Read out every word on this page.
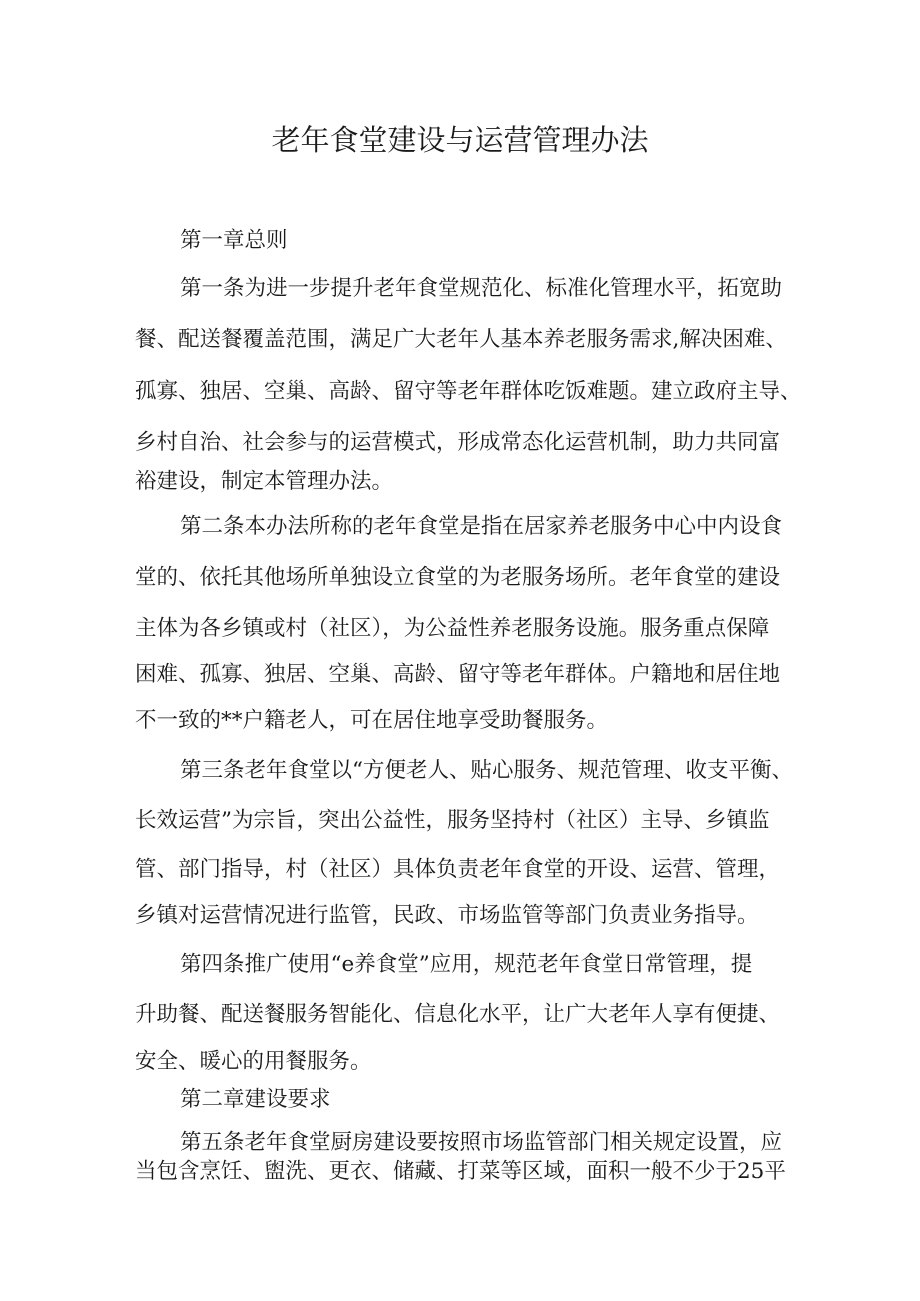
老年食堂建设与运营管理办法
第一章总则
第一条为进一步提升老年食堂规范化、标准化管理水平，拓宽助
餐、配送餐覆盖范围，满足广大老年人基本养老服务需求,解决困难、
孤寡、独居、空巢、高龄、留守等老年群体吃饭难题。建立政府主导、
乡村自治、社会参与的运营模式，形成常态化运营机制，助力共同富
裕建设，制定本管理办法。
第二条本办法所称的老年食堂是指在居家养老服务中心中内设食
堂的、依托其他场所单独设立食堂的为老服务场所。老年食堂的建设
主体为各乡镇或村（社区），为公益性养老服务设施。服务重点保障
困难、孤寡、独居、空巢、高龄、留守等老年群体。户籍地和居住地
不一致的**户籍老人，可在居住地享受助餐服务。
第三条老年食堂以“方便老人、贴心服务、规范管理、收支平衡、
长效运营”为宗旨，突出公益性，服务坚持村（社区）主导、乡镇监
管、部门指导，村（社区）具体负责老年食堂的开设、运营、管理，
乡镇对运营情况进行监管，民政、市场监管等部门负责业务指导。
第四条推广使用“e养食堂”应用，规范老年食堂日常管理，提
升助餐、配送餐服务智能化、信息化水平，让广大老年人享有便捷、
安全、暖心的用餐服务。
第二章建设要求
第五条老年食堂厨房建设要按照市场监管部门相关规定设置，应
当包含烹饪、盥洗、更衣、储藏、打菜等区域，面积一般不少于25平
